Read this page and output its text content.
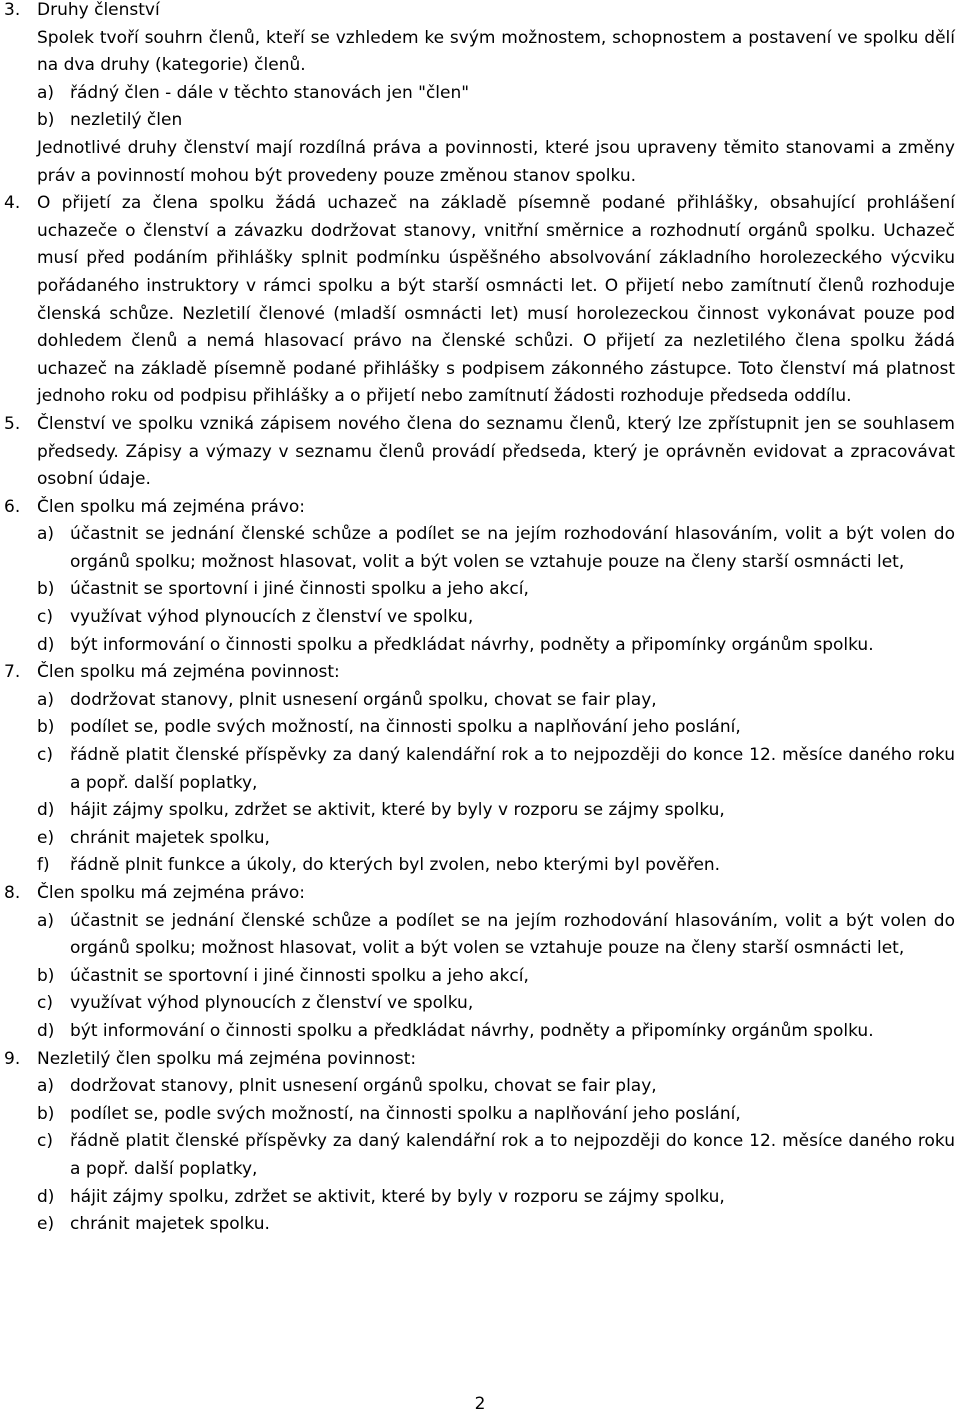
3. Druhy členství
Spolek tvoří souhrn členů, kteří se vzhledem ke svým možnostem, schopnostem a postavení ve spolku dělí na dva druhy (kategorie) členů.
a) řádný člen - dále v těchto stanovách jen "člen"
b) nezletilý člen
Jednotlivé druhy členství mají rozdílná práva a povinnosti, které jsou upraveny těmito stanovami a změny práv a povinností mohou být provedeny pouze změnou stanov spolku.
4. O přijetí za člena spolku žádá uchazeč na základě písemně podané přihlášky, obsahující prohlášení uchazeče o členství a závazku dodržovat stanovy, vnitřní směrnice a rozhodnutí orgánů spolku. Uchazeč musí před podáním přihlášky splnit podmínku úspěšného absolvování základního horolezeckého výcviku pořádaného instruktory v rámci spolku a být starší osmnácti let. O přijetí nebo zamítnutí členů rozhoduje členská schůze. Nezletilí členové (mladší osmnácti let) musí horolezeckou činnost vykonávat pouze pod dohledem členů a nemá hlasovací právo na členské schůzi. O přijetí za nezletilého člena spolku žádá uchazeč na základě písemně podané přihlášky s podpisem zákonného zástupce. Toto členství má platnost jednoho roku od podpisu přihlášky a o přijetí nebo zamítnutí žádosti rozhoduje předseda oddílu.
5. Členství ve spolku vzniká zápisem nového člena do seznamu členů, který lze zpřístupnit jen se souhlasem předsedy. Zápisy a výmazy v seznamu členů provádí předseda, který je oprávněn evidovat a zpracovávat osobní údaje.
6. Člen spolku má zejména právo:
a) účastnit se jednání členské schůze a podílet se na jejím rozhodování hlasováním, volit a být volen do orgánů spolku; možnost hlasovat, volit a být volen se vztahuje pouze na členy starší osmnácti let,
b) účastnit se sportovní i jiné činnosti spolku a jeho akcí,
c) využívat výhod plynoucích z členství ve spolku,
d) být informování o činnosti spolku a předkládat návrhy, podněty a připomínky orgánům spolku.
7. Člen spolku má zejména povinnost:
a) dodržovat stanovy, plnit usnesení orgánů spolku, chovat se fair play,
b) podílet se, podle svých možností, na činnosti spolku a naplňování jeho poslání,
c) řádně platit členské příspěvky za daný kalendářní rok a to nejpozději do konce 12. měsíce daného roku a popř. další poplatky,
d) hájit zájmy spolku, zdržet se aktivit, které by byly v rozporu se zájmy spolku,
e) chránit majetek spolku,
f) řádně plnit funkce a úkoly, do kterých byl zvolen, nebo kterými byl pověřen.
8. Člen spolku má zejména právo:
a) účastnit se jednání členské schůze a podílet se na jejím rozhodování hlasováním, volit a být volen do orgánů spolku; možnost hlasovat, volit a být volen se vztahuje pouze na členy starší osmnácti let,
b) účastnit se sportovní i jiné činnosti spolku a jeho akcí,
c) využívat výhod plynoucích z členství ve spolku,
d) být informování o činnosti spolku a předkládat návrhy, podněty a připomínky orgánům spolku.
9. Nezletilý člen spolku má zejména povinnost:
a) dodržovat stanovy, plnit usnesení orgánů spolku, chovat se fair play,
b) podílet se, podle svých možností, na činnosti spolku a naplňování jeho poslání,
c) řádně platit členské příspěvky za daný kalendářní rok a to nejpozději do konce 12. měsíce daného roku a popř. další poplatky,
d) hájit zájmy spolku, zdržet se aktivit, které by byly v rozporu se zájmy spolku,
e) chránit majetek spolku.
2
